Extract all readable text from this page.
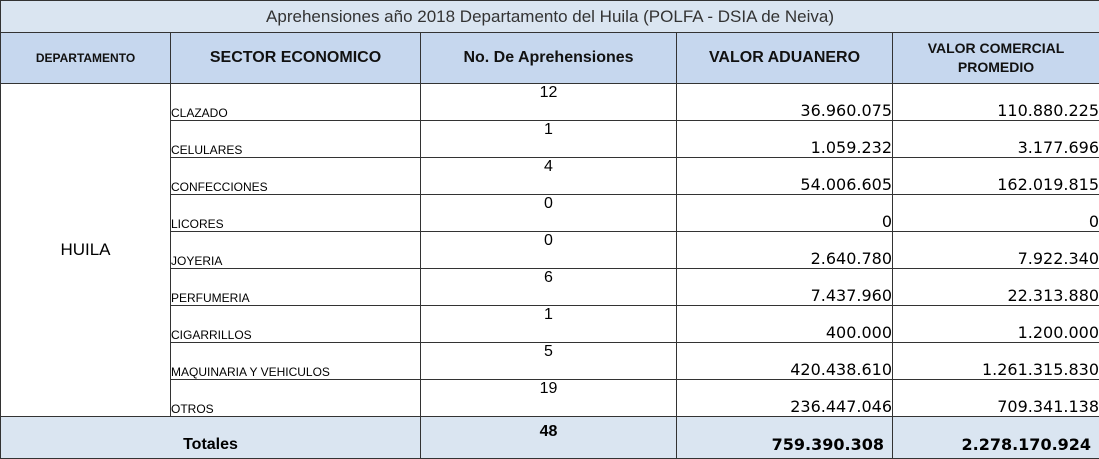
Aprehensiones año 2018 Departamento del Huila (POLFA - DSIA de Neiva)				
DEPARTAMENTO	SECTOR ECONOMICO	No. De Aprehensiones	VALOR ADUANERO	VALOR COMERCIAL PROMEDIO
HUILA	CLAZADO	12	36.960.075	110.880.225
	CELULARES	1	1.059.232	3.177.696
	CONFECCIONES	4	54.006.605	162.019.815
	LICORES	0	0	0
	JOYERIA	0	2.640.780	7.922.340
	PERFUMERIA	6	7.437.960	22.313.880
	CIGARRILLOS	1	400.000	1.200.000
	MAQUINARIA Y VEHICULOS	5	420.438.610	1.261.315.830
	OTROS	19	236.447.046	709.341.138
Totales		48	759.390.308	2.278.170.924
